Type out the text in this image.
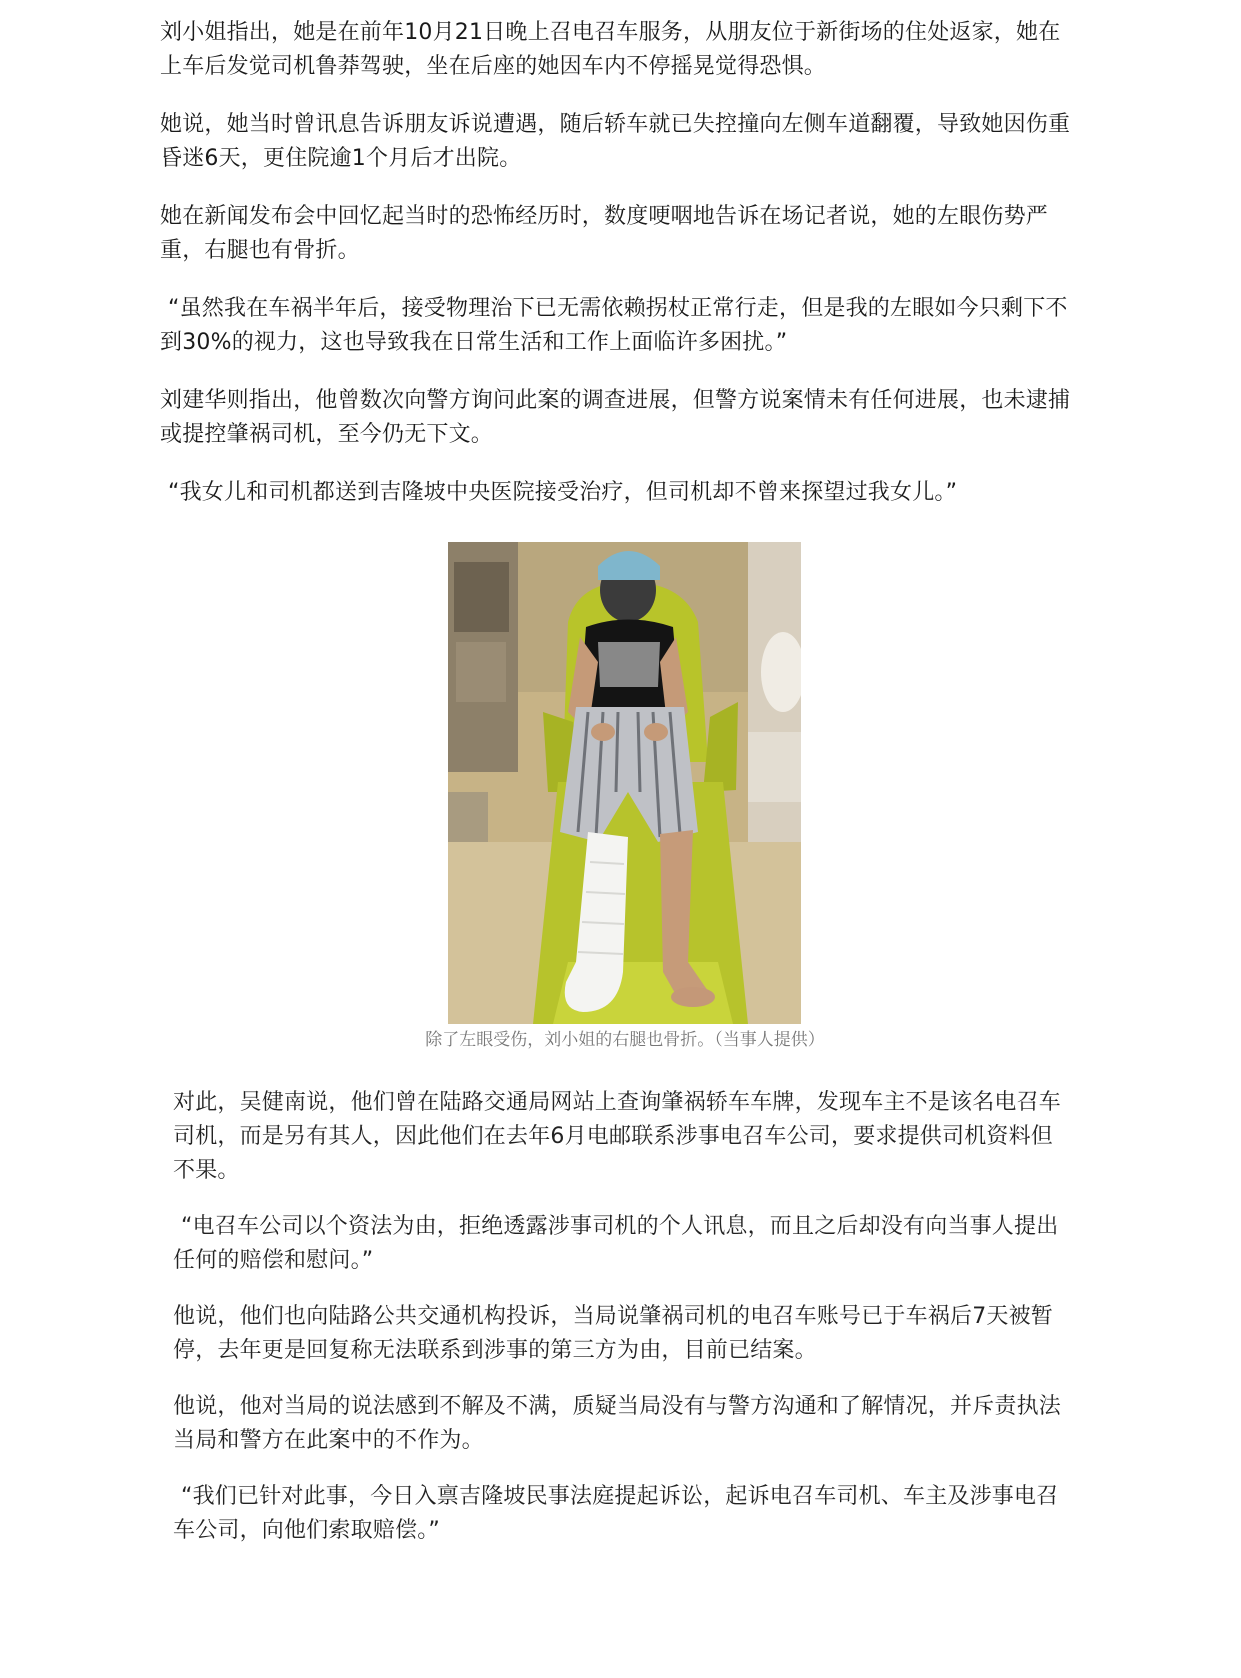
刘小姐指出，她是在前年10月21日晚上召电召车服务，从朋友位于新街场的住处返家，她在上车后发觉司机鲁莽驾驶，坐在后座的她因车内不停摇晃觉得恐惧。

她说，她当时曾讯息告诉朋友诉说遭遇，随后轿车就已失控撞向左侧车道翻覆，导致她因伤重昏迷6天，更住院逾1个月后才出院。

她在新闻发布会中回忆起当时的恐怖经历时，数度哽咽地告诉在场记者说，她的左眼伤势严重，右腿也有骨折。

“虽然我在车祸半年后，接受物理治下已无需依赖拐杖正常行走，但是我的左眼如今只剩下不到30%的视力，这也导致我在日常生活和工作上面临许多困扰。”

刘建华则指出，他曾数次向警方询问此案的调查进展，但警方说案情未有任何进展，也未逮捕或提控肇祸司机，至今仍无下文。

“我女儿和司机都送到吉隆坡中央医院接受治疗，但司机却不曾来探望过我女儿。”

除了左眼受伤，刘小姐的右腿也骨折。（当事人提供）

对此，吴健南说，他们曾在陆路交通局网站上查询肇祸轿车车牌，发现车主不是该名电召车司机，而是另有其人，因此他们在去年6月电邮联系涉事电召车公司，要求提供司机资料但不果。

“电召车公司以个资法为由，拒绝透露涉事司机的个人讯息，而且之后却没有向当事人提出任何的赔偿和慰问。”

他说，他们也向陆路公共交通机构投诉，当局说肇祸司机的电召车账号已于车祸后7天被暂停，去年更是回复称无法联系到涉事的第三方为由，目前已结案。

他说，他对当局的说法感到不解及不满，质疑当局没有与警方沟通和了解情况，并斥责执法当局和警方在此案中的不作为。

“我们已针对此事，今日入禀吉隆坡民事法庭提起诉讼，起诉电召车司机、车主及涉事电召车公司，向他们索取赔偿。”
